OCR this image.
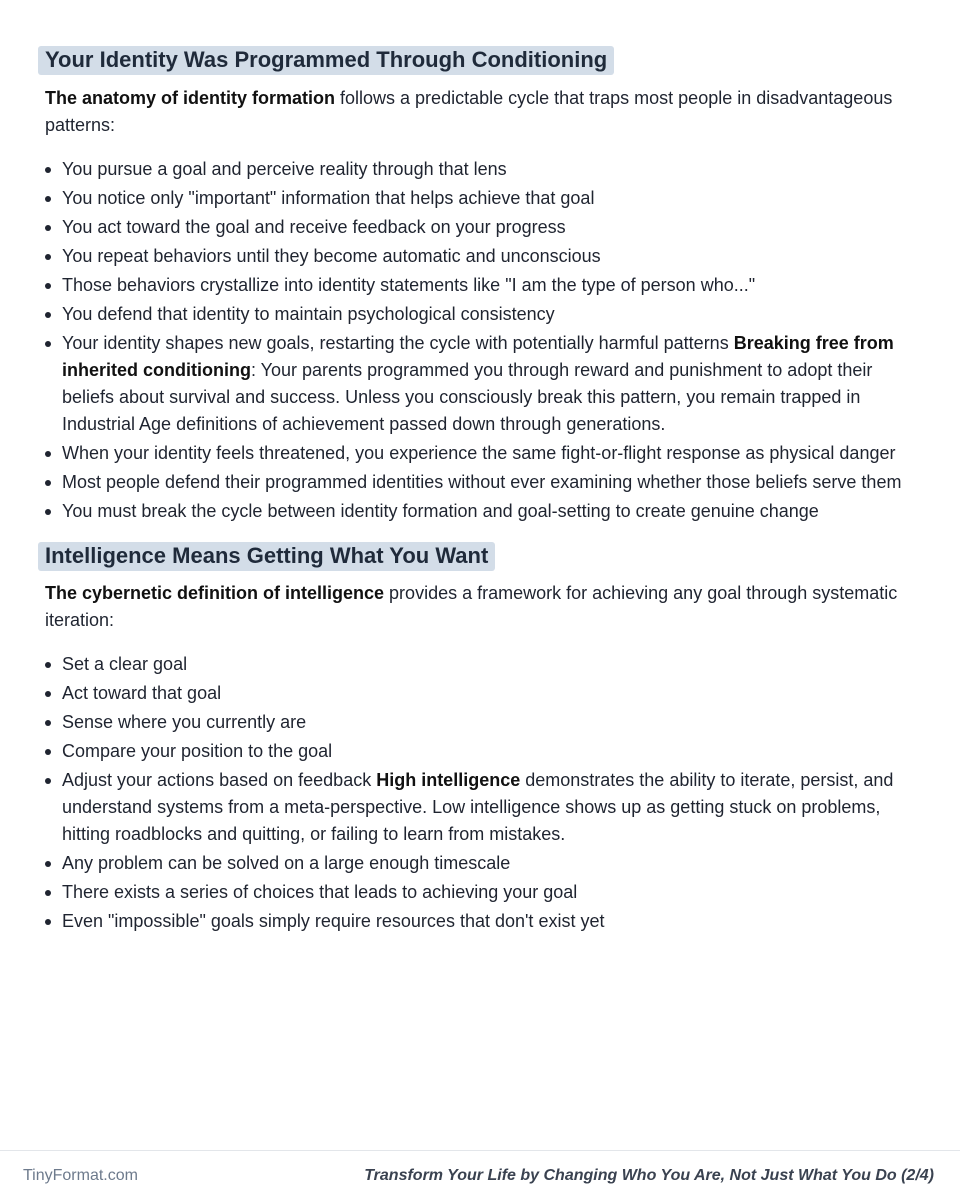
Your Identity Was Programmed Through Conditioning

The anatomy of identity formation follows a predictable cycle that traps most people in disadvantageous patterns:

You pursue a goal and perceive reality through that lens
You notice only "important" information that helps achieve that goal
You act toward the goal and receive feedback on your progress
You repeat behaviors until they become automatic and unconscious
Those behaviors crystallize into identity statements like "I am the type of person who..."
You defend that identity to maintain psychological consistency
Your identity shapes new goals, restarting the cycle with potentially harmful patterns Breaking free from inherited conditioning: Your parents programmed you through reward and punishment to adopt their beliefs about survival and success. Unless you consciously break this pattern, you remain trapped in Industrial Age definitions of achievement passed down through generations.
When your identity feels threatened, you experience the same fight-or-flight response as physical danger
Most people defend their programmed identities without ever examining whether those beliefs serve them
You must break the cycle between identity formation and goal-setting to create genuine change
Intelligence Means Getting What You Want

The cybernetic definition of intelligence provides a framework for achieving any goal through systematic iteration:

Set a clear goal
Act toward that goal
Sense where you currently are
Compare your position to the goal
Adjust your actions based on feedback High intelligence demonstrates the ability to iterate, persist, and understand systems from a meta-perspective. Low intelligence shows up as getting stuck on problems, hitting roadblocks and quitting, or failing to learn from mistakes.
Any problem can be solved on a large enough timescale
There exists a series of choices that leads to achieving your goal
Even "impossible" goals simply require resources that don't exist yet
TinyFormat.com	Transform Your Life by Changing Who You Are, Not Just What You Do (2/4)
